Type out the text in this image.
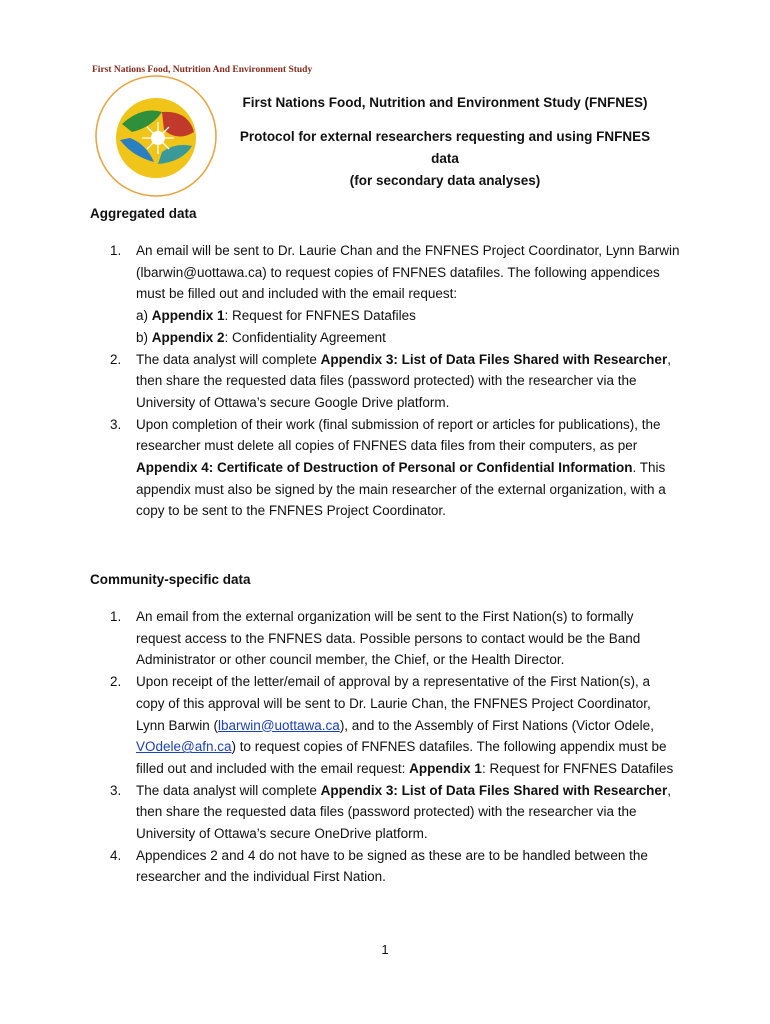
First Nations Food, Nutrition And Environment Study
First Nations Food, Nutrition and Environment Study (FNFNES)
Protocol for external researchers requesting and using FNFNES data
(for secondary data analyses)
Aggregated data
1. An email will be sent to Dr. Laurie Chan and the FNFNES Project Coordinator, Lynn Barwin (lbarwin@uottawa.ca) to request copies of FNFNES datafiles. The following appendices must be filled out and included with the email request:
a) Appendix 1: Request for FNFNES Datafiles
b) Appendix 2: Confidentiality Agreement
2. The data analyst will complete Appendix 3: List of Data Files Shared with Researcher, then share the requested data files (password protected) with the researcher via the University of Ottawa’s secure Google Drive platform.
3. Upon completion of their work (final submission of report or articles for publications), the researcher must delete all copies of FNFNES data files from their computers, as per Appendix 4: Certificate of Destruction of Personal or Confidential Information. This appendix must also be signed by the main researcher of the external organization, with a copy to be sent to the FNFNES Project Coordinator.
Community-specific data
1. An email from the external organization will be sent to the First Nation(s) to formally request access to the FNFNES data. Possible persons to contact would be the Band Administrator or other council member, the Chief, or the Health Director.
2. Upon receipt of the letter/email of approval by a representative of the First Nation(s), a copy of this approval will be sent to Dr. Laurie Chan, the FNFNES Project Coordinator, Lynn Barwin (lbarwin@uottawa.ca), and to the Assembly of First Nations (Victor Odele, VOdele@afn.ca) to request copies of FNFNES datafiles. The following appendix must be filled out and included with the email request: Appendix 1: Request for FNFNES Datafiles
3. The data analyst will complete Appendix 3: List of Data Files Shared with Researcher, then share the requested data files (password protected) with the researcher via the University of Ottawa’s secure OneDrive platform.
4. Appendices 2 and 4 do not have to be signed as these are to be handled between the researcher and the individual First Nation.
1
